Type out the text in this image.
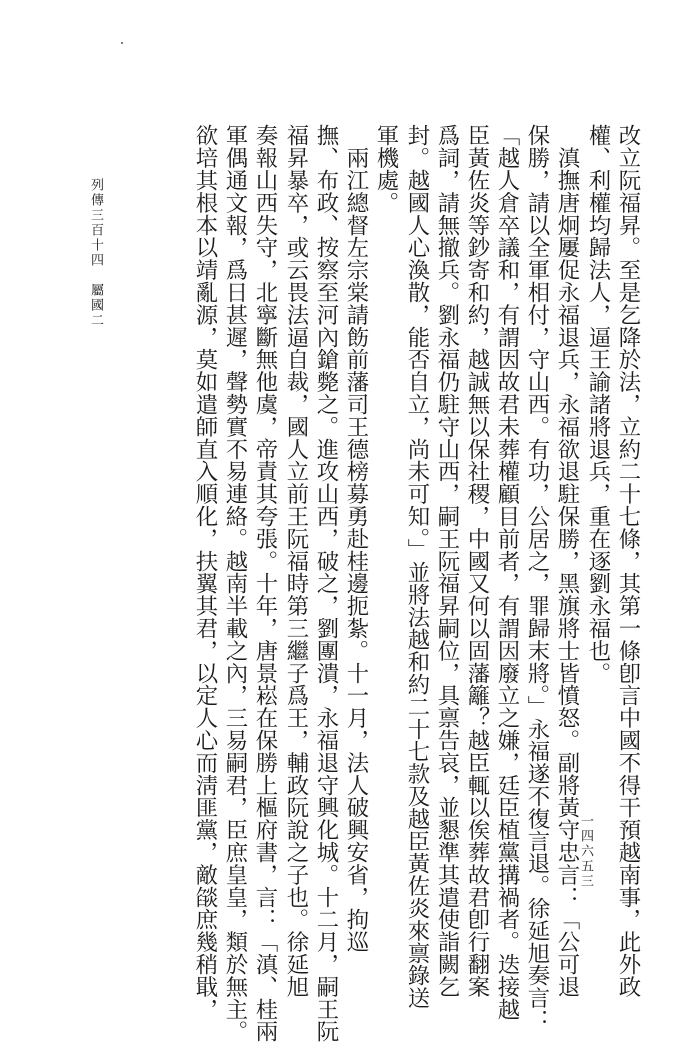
改立阮福昇。至是乞降於法，立約二十七條，其第一條卽言中國不得干預越南事，此外政
權、利權均歸法人，逼王諭諸將退兵，重在逐劉永福也。
　滇撫唐炯屢促永福退兵，永福欲退駐保勝，黑旗將士皆憤怒。副將黃守忠言：「公可退
保勝，請以全軍相付，守山西。有功，公居之，罪歸末將。」永福遂不復言退。徐延旭奏言：
「越人倉卒議和，有謂因故君未葬權顧目前者，有謂因廢立之嫌，廷臣植黨搆禍者。迭接越
臣黃佐炎等鈔寄和約，越誠無以保社稷，中國又何以固藩籬？越臣輒以俟葬故君卽行翻案
爲詞，請無撤兵。劉永福仍駐守山西，嗣王阮福昇嗣位，具禀告哀，並懇準其遣使詣闕乞
封。越國人心渙散，能否自立，尚未可知。」並將法越和約二十七款及越臣黃佐炎來禀錄送
軍機處。
　兩江總督左宗棠請飭前藩司王德榜募勇赴桂邊扼紮。十一月，法人破興安省，拘巡
撫、布政、按察至河內鎗斃之。進攻山西，破之，劉團潰，永福退守興化城。十二月，嗣王阮
福昇暴卒，或云畏法逼自裁，國人立前王阮福時第三繼子爲王，輔政阮說之子也。徐延旭
奏報山西失守，北寧斷無他虞，帝責其夸張。十年，唐景崧在保勝上樞府書，言：「滇、桂兩
軍偶通文報，爲日甚遲，聲勢實不易連絡。越南半載之內，三易嗣君，臣庶皇皇，類於無主。
欲培其根本以靖亂源，莫如遣師直入順化，扶翼其君，以定人心而淸匪黨，敵燄庶幾稍戢，
列傳三百十四　屬國二
一四六五三
